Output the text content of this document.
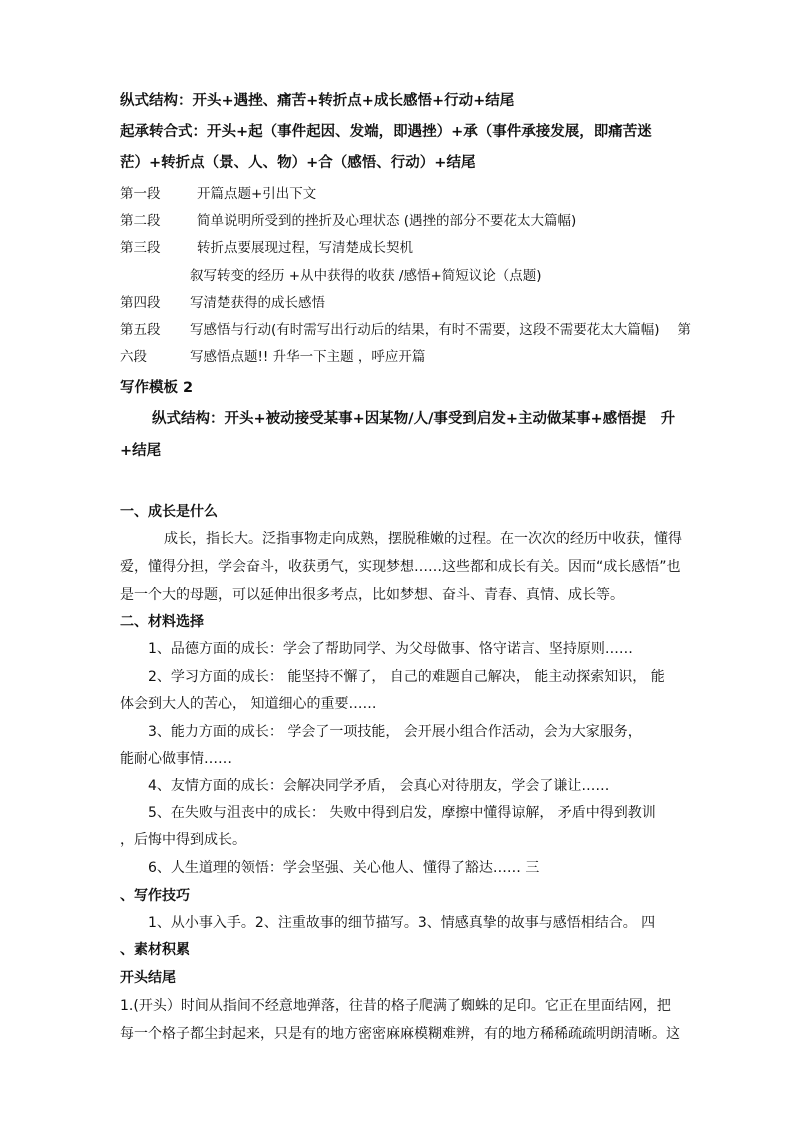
纵式结构：开头+遇挫、痛苦+转折点+成长感悟+行动+结尾
起承转合式：开头+起（事件起因、发端，即遇挫）+承（事件承接发展，即痛苦迷
茫）+转折点（景、人、物）+合（感悟、行动）+结尾
第一段	开篇点题+引出下文
第二段	简单说明所受到的挫折及心理状态 (遇挫的部分不要花太大篇幅)
第三段	转折点要展现过程，写清楚成长契机
叙写转变的经历 +从中获得的收获 /感悟+简短议论（点题)
第四段 写清楚获得的成长感悟
第五段 写感悟与行动(有时需写出行动后的结果，有时不需要，这段不需要花太大篇幅)　 第
六段	写感悟点题!! 升华一下主题 ，呼应开篇
写作模板 2
纵式结构：开头+被动接受某事+因某物/人/事受到启发+主动做某事+感悟提　升
+结尾
一、成长是什么
成长，指长大。泛指事物走向成熟，摆脱稚嫩的过程。在一次次的经历中收获，懂得
爱，懂得分担，学会奋斗，收获勇气，实现梦想……这些都和成长有关。因而“成长感悟”也
是一个大的母题，可以延伸出很多考点，比如梦想、奋斗、青春、真情、成长等。
二、材料选择
1、品德方面的成长：学会了帮助同学、为父母做事、恪守诺言、坚持原则……
2、学习方面的成长： 能坚持不懈了， 自己的难题自己解决， 能主动探索知识， 能
体会到大人的苦心， 知道细心的重要……
3、能力方面的成长： 学会了一项技能， 会开展小组合作活动，会为大家服务，
能耐心做事情……
4、友情方面的成长：会解决同学矛盾， 会真心对待朋友，学会了谦让……
5、在失败与沮丧中的成长： 失败中得到启发，摩擦中懂得谅解， 矛盾中得到教训
，后悔中得到成长。
6、人生道理的领悟：学会坚强、关心他人、懂得了豁达…… 三
、写作技巧
1、从小事入手。2、注重故事的细节描写。3、情感真挚的故事与感悟相结合。 四
、素材积累
开头结尾
1.(开头）时间从指间不经意地弹落，往昔的格子爬满了蜘蛛的足印。它正在里面结网，把
每一个格子都尘封起来，只是有的地方密密麻麻模糊难辨，有的地方稀稀疏疏明朗清晰。这
